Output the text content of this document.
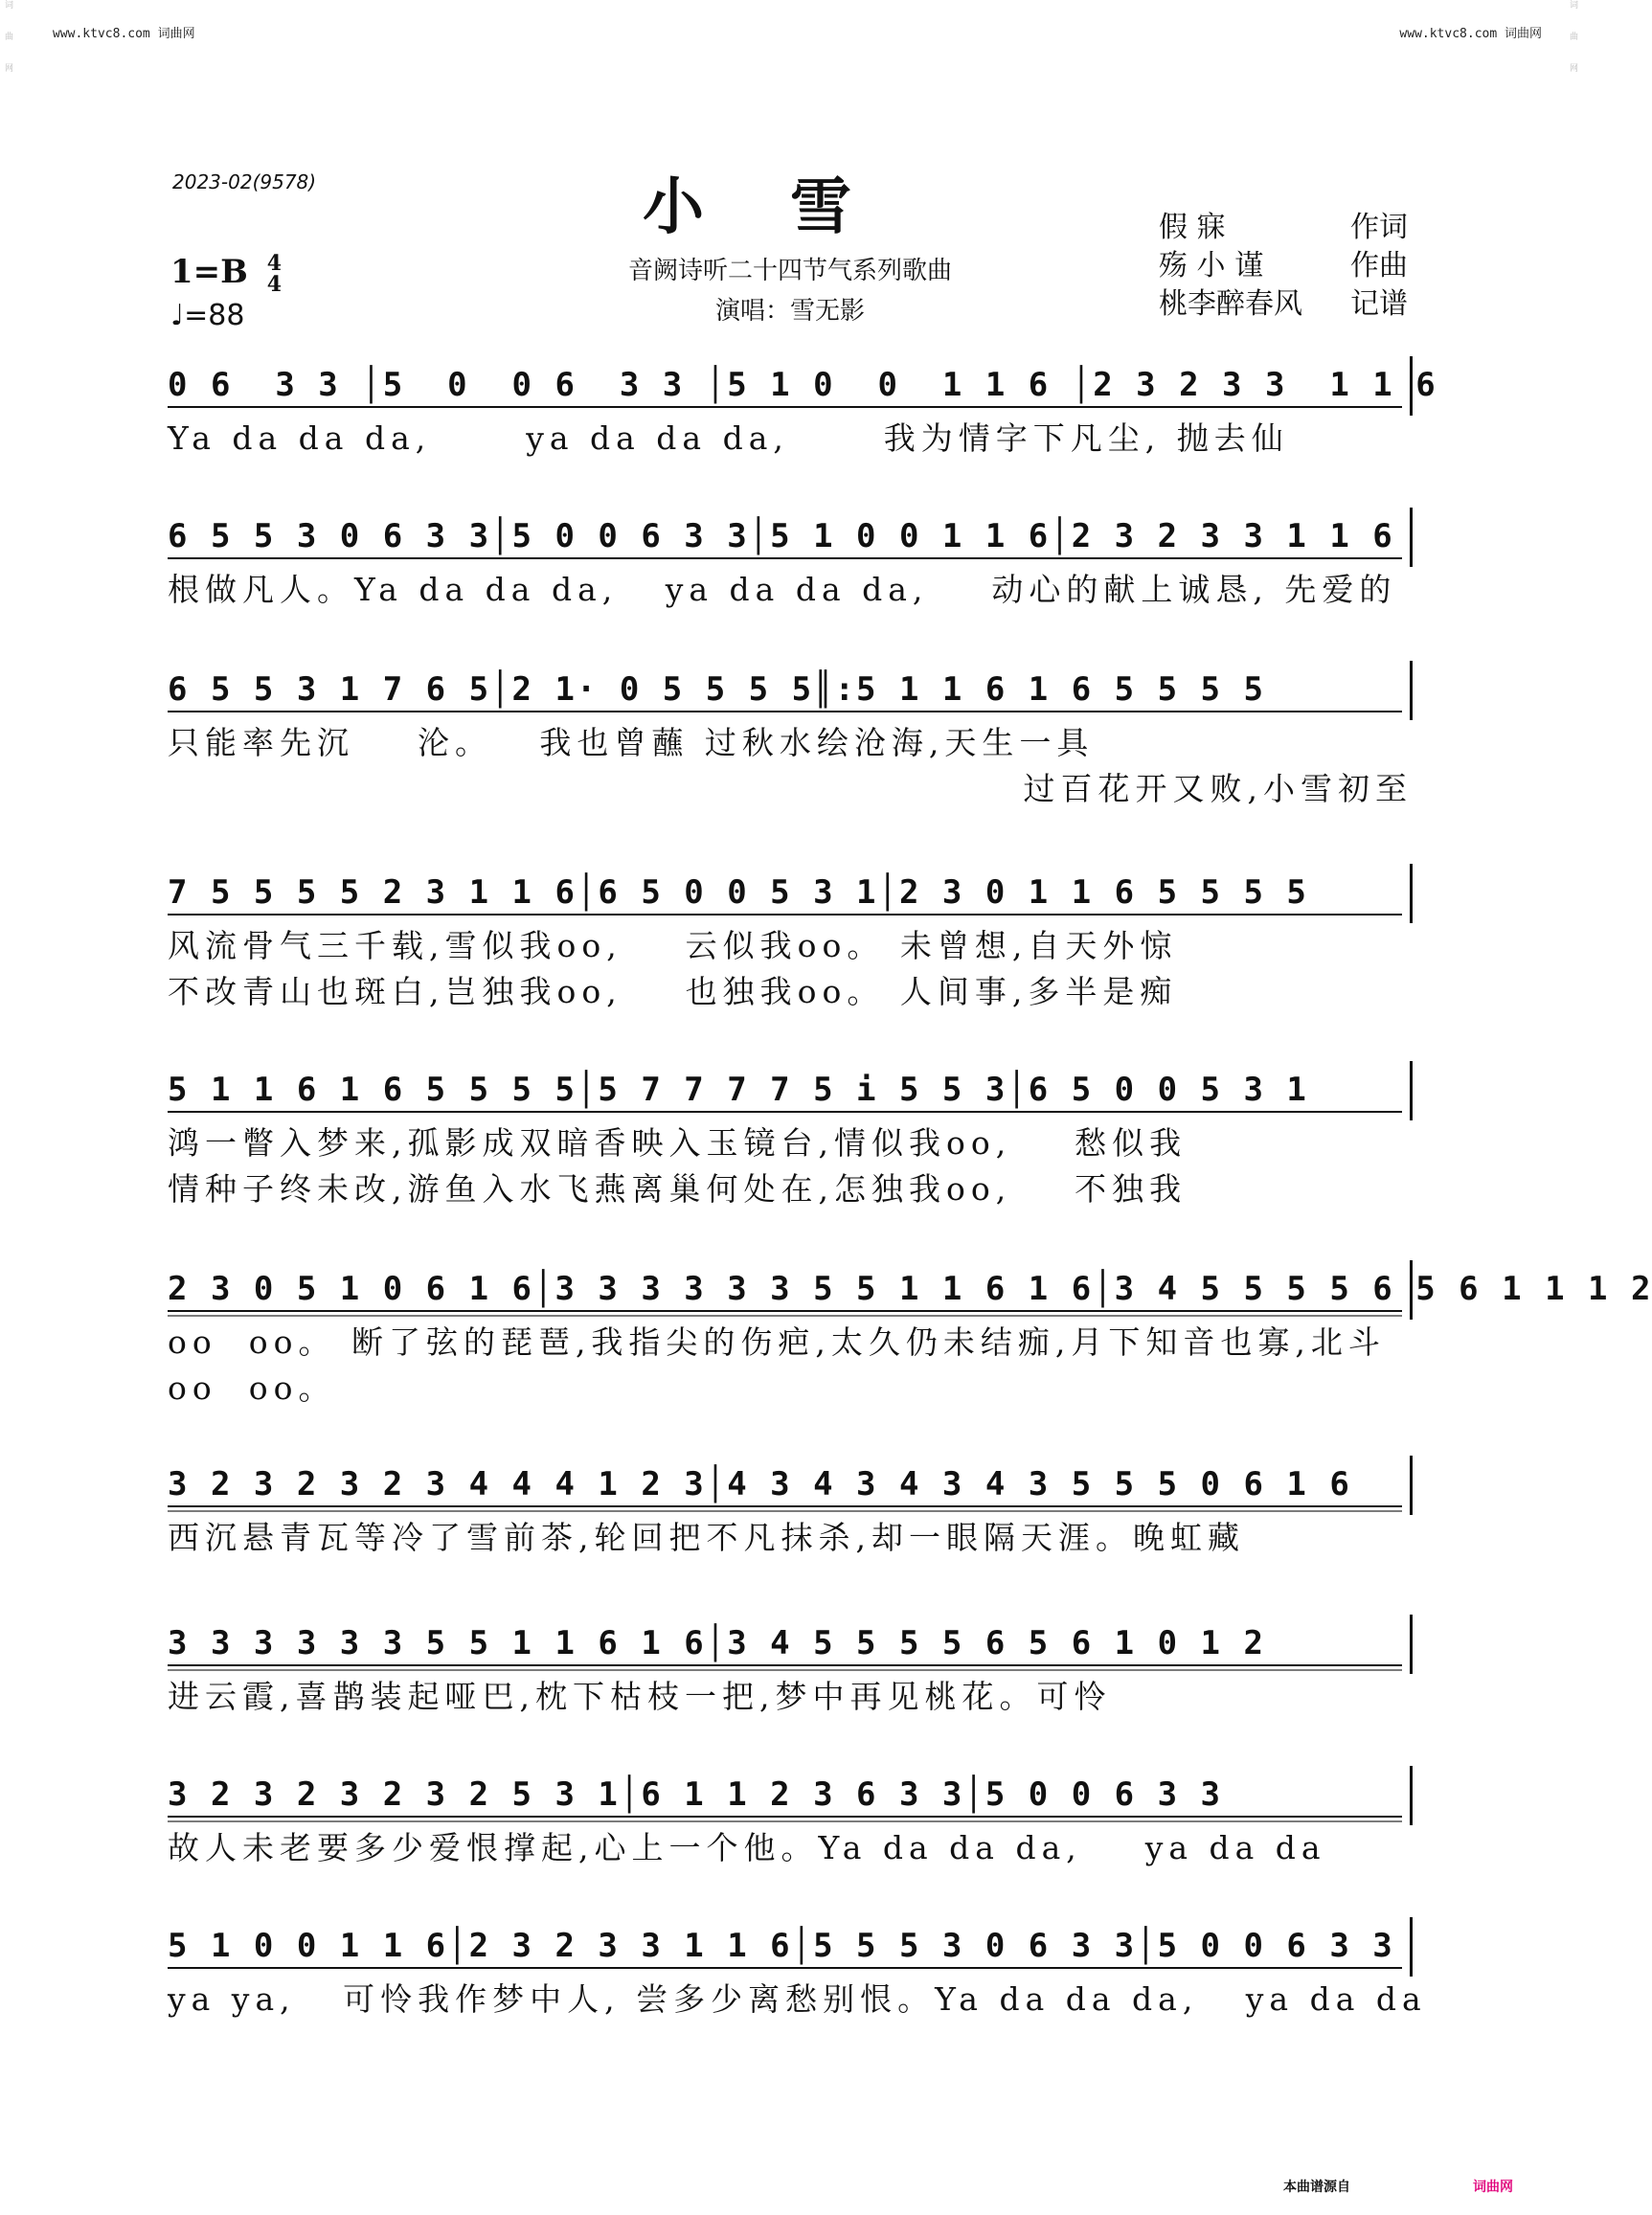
www.ktvc8.com 词曲网	www.ktvc8.com 词曲网
词曲网	词曲网
2023-02(9578)	小雪
音阙诗听二十四节气系列歌曲
演唱：雪无影
假 寐	作词
殇 小 谨	作曲
桃李醉春风 记谱
1=B 4
4
♩=88
0 6  3 3 │5  0  0 6  3 3 │5 1 0  0  1 1 6 │2 3 2 3 3  1 1 6
Ya da da da,      ya da da da,      我为情字下凡尘, 抛去仙
6 5 5 3 0 6 3 3│5 0 0 6 3 3│5 1 0 0 1 1 6│2 3 2 3 3 1 1 6
根做凡人。Ya da da da,   ya da da da,    动心的献上诚恳, 先爱的
6 5 5 3 1 7 6 5│2 1· 0 5 5 5 5║:5 1 1 6 1 6 5 5 5 5
只能率先沉    沦。   我也曾蘸 过秋水绘沧海,天生一具
过百花开又败,小雪初至
7 5 5 5 5 2 3 1 1 6│6 5 0 0 5 3 1│2 3 0 1 1 6 5 5 5 5
风流骨气三千载,雪似我oo,    云似我oo。 未曾想,自天外惊
不改青山也斑白,岂独我oo,    也独我oo。 人间事,多半是痴
5 1 1 6 1 6 5 5 5 5│5 7 7 7 7 5 i 5 5 3│6 5 0 0 5 3 1
鸿一瞥入梦来,孤影成双暗香映入玉镜台,情似我oo,    愁似我
情种子终未改,游鱼入水飞燕离巢何处在,怎独我oo,    不独我
2 3 0 5 1 0 6 1 6│3 3 3 3 3 3 5 5 1 1 6 1 6│3 4 5 5 5 5 6 5 6 1 1 1 2
oo  oo。 断了弦的琵琶,我指尖的伤疤,太久仍未结痂,月下知音也寡,北斗
oo  oo。
3 2 3 2 3 2 3 4 4 4 1 2 3│4 3 4 3 4 3 4 3 5 5 5 0 6 1 6
西沉悬青瓦等冷了雪前茶,轮回把不凡抹杀,却一眼隔天涯。晚虹藏
3 3 3 3 3 3 5 5 1 1 6 1 6│3 4 5 5 5 5 6 5 6 1 0 1 2
进云霞,喜鹊装起哑巴,枕下枯枝一把,梦中再见桃花。可怜
3 2 3 2 3 2 3 2 5 3 1│6 1 1 2 3 6 3 3│5 0 0 6 3 3
故人未老要多少爱恨撑起,心上一个他。Ya da da da,    ya da da
5 1 0 0 1 1 6│2 3 2 3 3 1 1 6│5 5 5 3 0 6 3 3│5 0 0 6 3 3
ya ya,   可怜我作梦中人, 尝多少离愁别恨。Ya da da da,   ya da da
本曲谱源自	词曲网
